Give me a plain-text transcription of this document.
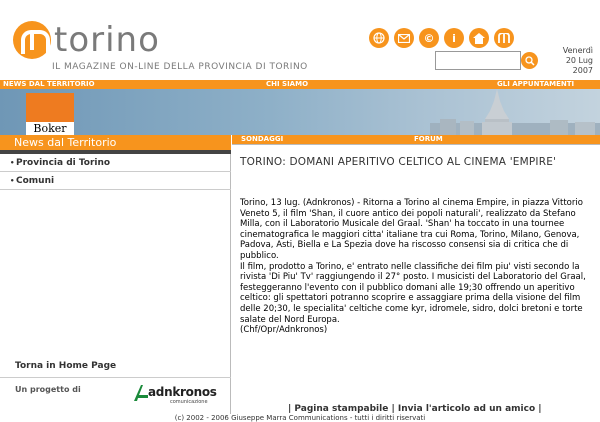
torino
IL MAGAZINE ON-LINE DELLA PROVINCIA DI TORINO
©	i
Venerdì
20 Lug
2007
NEWS DAL TERRITORIO	CHI SIAMO	GLI APPUNTAMENTI
Boker
News dal Territorio
• Provincia di Torino
• Comuni
Torna in Home Page
Un progetto di	adnkronos
comunicazione
SONDAGGI	FORUM
TORINO: DOMANI APERITIVO CELTICO AL CINEMA 'EMPIRE'

Torino, 13 lug. (Adnkronos) - Ritorna a Torino al cinema Empire, in piazza Vittorio Veneto 5, il film 'Shan, il cuore antico dei popoli naturali', realizzato da Stefano Milla, con il Laboratorio Musicale del Graal. 'Shan' ha toccato in una tournee cinematografica le maggiori citta' italiane tra cui Roma, Torino, Milano, Genova, Padova, Asti, Biella e La Spezia dove ha riscosso consensi sia di critica che di pubblico.

Il film, prodotto a Torino, e' entrato nelle classifiche dei film piu' visti secondo la rivista 'Di Piu' Tv' raggiungendo il 27° posto. I musicisti del Laboratorio del Graal, festeggeranno l'evento con il pubblico domani alle 19;30 offrendo un aperitivo celtico: gli spettatori potranno scoprire e assaggiare prima della visione del film delle 20;30, le specialita' celtiche come kyr, idromele, sidro, dolci bretoni e torte salate del Nord Europa.

(Chf/Opr/Adnkronos)

| Pagina stampabile | Invia l'articolo ad un amico |
(c) 2002 - 2006 Giuseppe Marra Communications - tutti i diritti riservati
